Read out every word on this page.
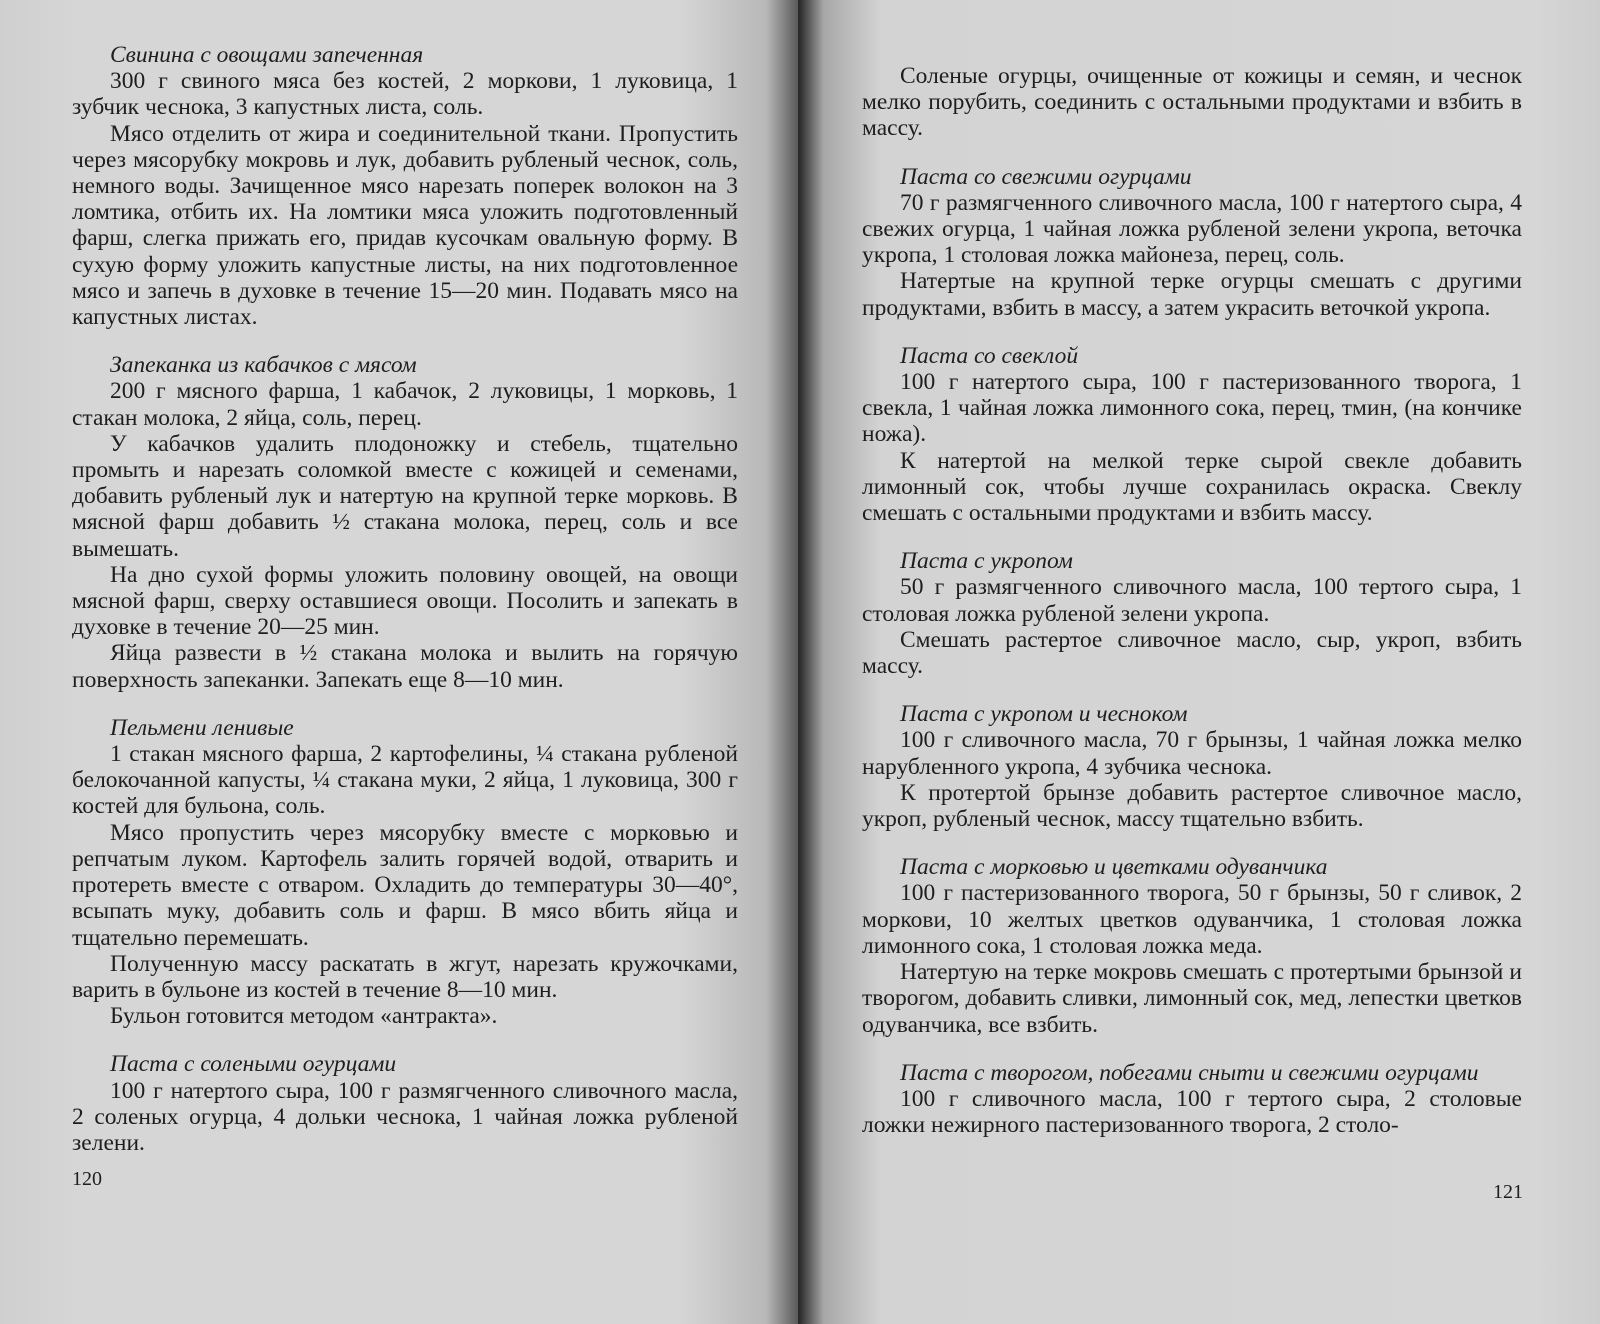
Свинина с овощами запеченная

300 г свиного мяса без костей, 2 моркови, 1 луковица, 1 зубчик чеснока, 3 капустных листа, соль.

Мясо отделить от жира и соединительной ткани. Пропустить через мясорубку мокровь и лук, добавить рубленый чеснок, соль, немного воды. Зачищенное мясо нарезать поперек волокон на 3 ломтика, отбить их. На ломтики мяса уложить подготовленный фарш, слегка прижать его, придав кусочкам овальную форму. В сухую форму уложить капустные листы, на них подготовленное мясо и запечь в духовке в течение 15—20 мин. Подавать мясо на капустных листах.

Запеканка из кабачков с мясом

200 г мясного фарша, 1 кабачок, 2 луковицы, 1 морковь, 1 стакан молока, 2 яйца, соль, перец.

У кабачков удалить плодоножку и стебель, тщательно промыть и нарезать соломкой вместе с кожицей и семенами, добавить рубленый лук и натертую на крупной терке морковь. В мясной фарш добавить ½ стакана молока, перец, соль и все вымешать.

На дно сухой формы уложить половину овощей, на овощи мясной фарш, сверху оставшиеся овощи. Посолить и запекать в духовке в течение 20—25 мин.

Яйца развести в ½ стакана молока и вылить на горячую поверхность запеканки. Запекать еще 8—10 мин.

Пельмени ленивые

1 стакан мясного фарша, 2 картофелины, ¼ стакана рубленой белокочанной капусты, ¼ стакана муки, 2 яйца, 1 луковица, 300 г костей для бульона, соль.

Мясо пропустить через мясорубку вместе с морковью и репчатым луком. Картофель залить горячей водой, отварить и протереть вместе с отваром. Охладить до температуры 30—40°, всыпать муку, добавить соль и фарш. В мясо вбить яйца и тщательно перемешать.

Полученную массу раскатать в жгут, нарезать кружочками, варить в бульоне из костей в течение 8—10 мин.

Бульон готовится методом «антракта».

Паста с солеными огурцами

100 г натертого сыра, 100 г размягченного сливочного масла, 2 соленых огурца, 4 дольки чеснока, 1 чайная ложка рубленой зелени.

120

Соленые огурцы, очищенные от кожицы и семян, и чеснок мелко порубить, соединить с остальными продуктами и взбить в массу.

Паста со свежими огурцами

70 г размягченного сливочного масла, 100 г натертого сыра, 4 свежих огурца, 1 чайная ложка рубленой зелени укропа, веточка укропа, 1 столовая ложка майонеза, перец, соль.

Натертые на крупной терке огурцы смешать с другими продуктами, взбить в массу, а затем украсить веточкой укропа.

Паста со свеклой

100 г натертого сыра, 100 г пастеризованного творога, 1 свекла, 1 чайная ложка лимонного сока, перец, тмин, (на кончике ножа).

К натертой на мелкой терке сырой свекле добавить лимонный сок, чтобы лучше сохранилась окраска. Свеклу смешать с остальными продуктами и взбить массу.

Паста с укропом

50 г размягченного сливочного масла, 100 тертого сыра, 1 столовая ложка рубленой зелени укропа.

Смешать растертое сливочное масло, сыр, укроп, взбить массу.

Паста с укропом и чесноком

100 г сливочного масла, 70 г брынзы, 1 чайная ложка мелко нарубленного укропа, 4 зубчика чеснока.

К протертой брынзе добавить растертое сливочное масло, укроп, рубленый чеснок, массу тщательно взбить.

Паста с морковью и цветками одуванчика

100 г пастеризованного творога, 50 г брынзы, 50 г сливок, 2 моркови, 10 желтых цветков одуванчика, 1 столовая ложка лимонного сока, 1 столовая ложка меда.

Натертую на терке мокровь смешать с протертыми брынзой и творогом, добавить сливки, лимонный сок, мед, лепестки цветков одуванчика, все взбить.

Паста с творогом, побегами сныти и свежими огурцами

100 г сливочного масла, 100 г тертого сыра, 2 столовые ложки нежирного пастеризованного творога, 2 столо-

121
